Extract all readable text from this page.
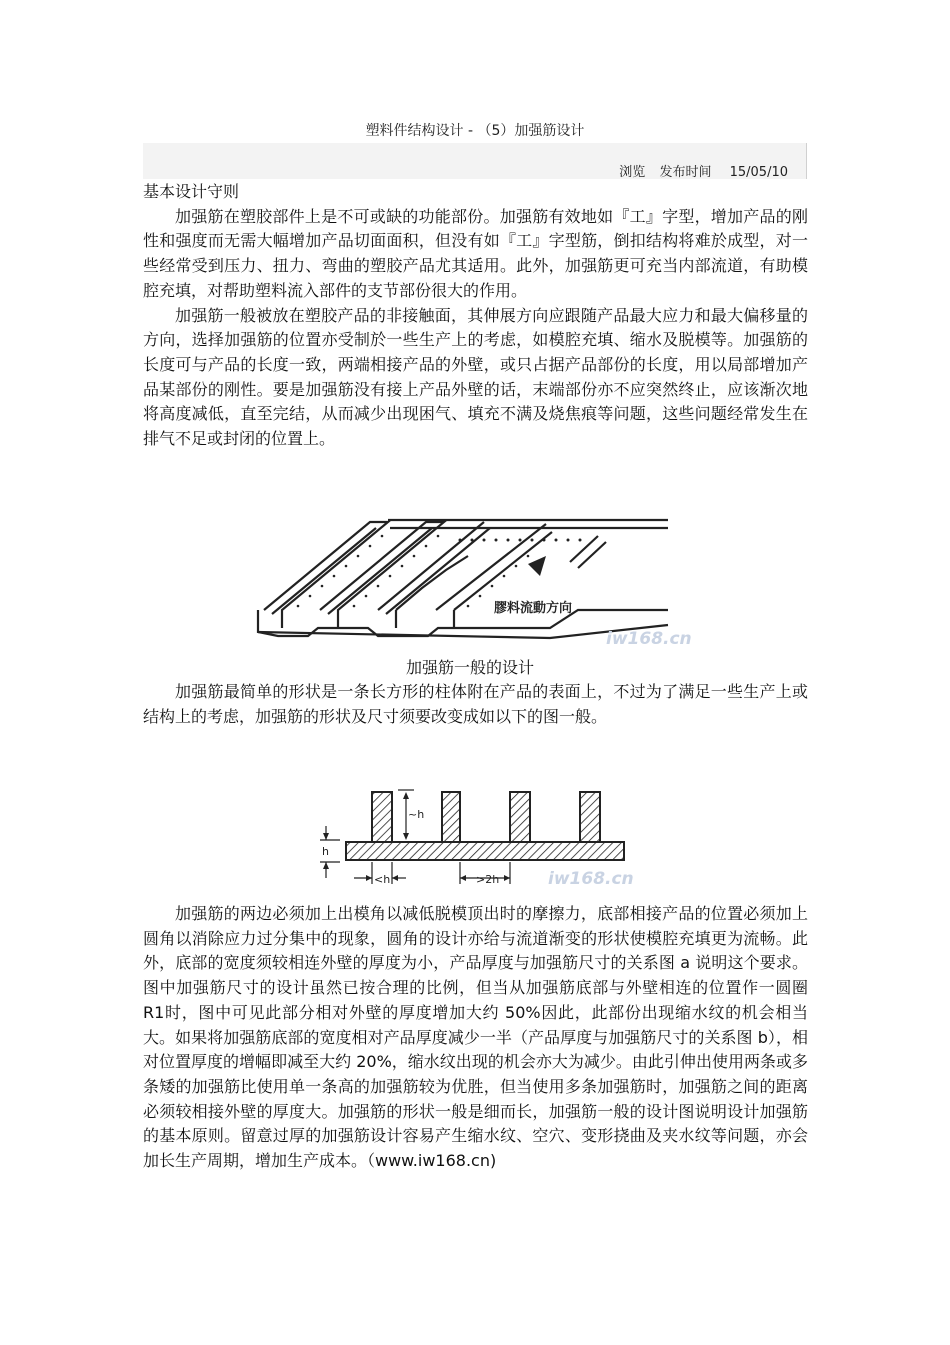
塑料件结构设计 - （5）加强筋设计
浏览 发布时间 15/05/10

基本设计守则

加强筋在塑胶部件上是不可或缺的功能部份。加强筋有效地如『工』字型，增加产品的刚性和强度而无需大幅增加产品切面面积，但没有如『工』字型筋，倒扣结构将难於成型，对一些经常受到压力、扭力、弯曲的塑胶产品尤其适用。此外，加强筋更可充当内部流道，有助模腔充填，对帮助塑料流入部件的支节部份很大的作用。

加强筋一般被放在塑胶产品的非接触面，其伸展方向应跟随产品最大应力和最大偏移量的方向，选择加强筋的位置亦受制於一些生产上的考虑，如模腔充填、缩水及脱模等。加强筋的长度可与产品的长度一致，两端相接产品的外壁，或只占据产品部份的长度，用以局部增加产品某部份的刚性。要是加强筋没有接上产品外壁的话，末端部份亦不应突然终止，应该渐次地将高度减低，直至完结，从而减少出现困气、填充不满及烧焦痕等问题，这些问题经常发生在排气不足或封闭的位置上。

膠料流動方向
iw168.cn
加强筋一般的设计

加强筋最简单的形状是一条长方形的柱体附在产品的表面上，不过为了满足一些生产上或结构上的考虑，加强筋的形状及尺寸须要改变成如以下的图一般。

~h
h
<h	>2h	iw168.cn

加强筋的两边必须加上出模角以减低脱模顶出时的摩擦力，底部相接产品的位置必须加上圆角以消除应力过分集中的现象，圆角的设计亦给与流道渐变的形状使模腔充填更为流畅。此外，底部的宽度须较相连外壁的厚度为小，产品厚度与加强筋尺寸的关系图 a 说明这个要求。图中加强筋尺寸的设计虽然已按合理的比例，但当从加强筋底部与外壁相连的位置作一圆圈 R1时，图中可见此部分相对外壁的厚度增加大约 50%因此，此部份出现缩水纹的机会相当大。如果将加强筋底部的宽度相对产品厚度减少一半（产品厚度与加强筋尺寸的关系图 b），相对位置厚度的增幅即减至大约 20%，缩水纹出现的机会亦大为减少。由此引伸出使用两条或多条矮的加强筋比使用单一条高的加强筋较为优胜，但当使用多条加强筋时，加强筋之间的距离必须较相接外壁的厚度大。加强筋的形状一般是细而长，加强筋一般的设计图说明设计加强筋的基本原则。留意过厚的加强筋设计容易产生缩水纹、空穴、变形挠曲及夹水纹等问题，亦会加长生产周期，增加生产成本。（www.iw168.cn)
